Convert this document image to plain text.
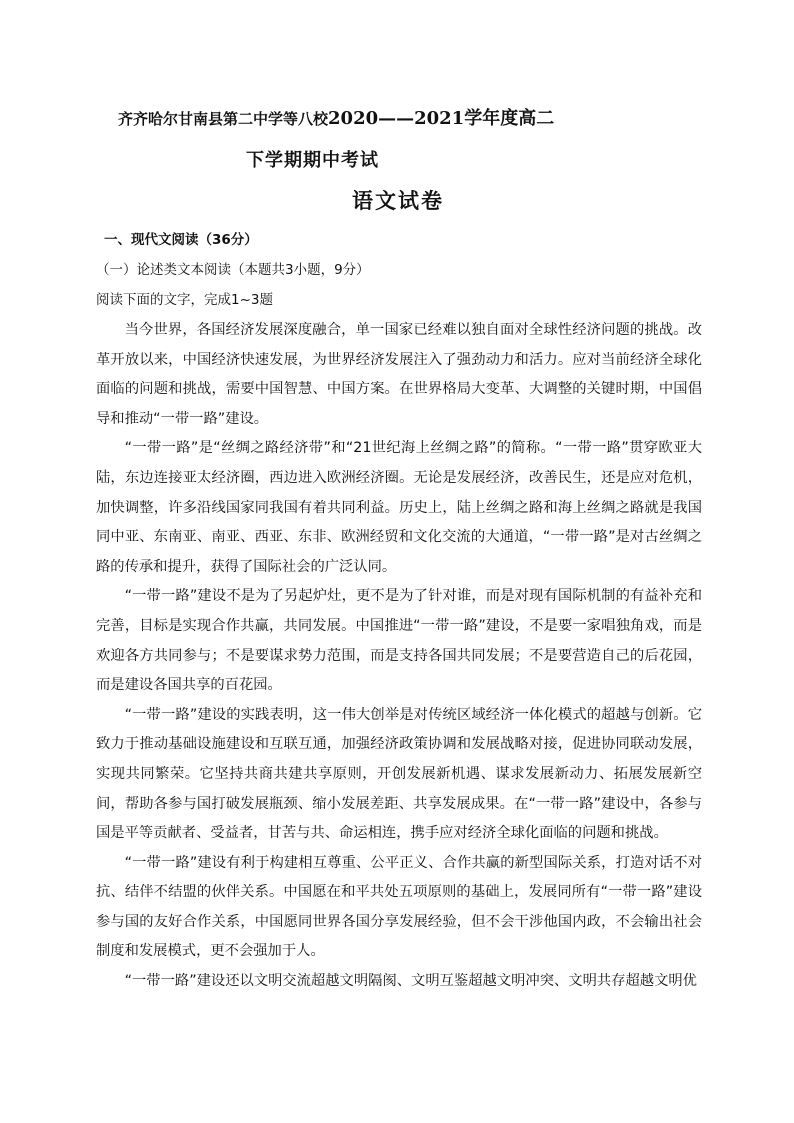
齐齐哈尔甘南县第二中学等八校2020——2021学年度高二
下学期期中考试
语文试卷
一、现代文阅读（36分）
（一）论述类文本阅读（本题共3小题，9分）
阅读下面的文字，完成1~3题

当今世界，各国经济发展深度融合，单一国家已经难以独自面对全球性经济问题的挑战。改革开放以来，中国经济快速发展，为世界经济发展注入了强劲动力和活力。应对当前经济全球化面临的问题和挑战，需要中国智慧、中国方案。在世界格局大变革、大调整的关键时期，中国倡导和推动“一带一路”建设。

“一带一路”是“丝绸之路经济带”和“21世纪海上丝绸之路”的简称。“一带一路”贯穿欧亚大陆，东边连接亚太经济圈，西边进入欧洲经济圈。无论是发展经济，改善民生，还是应对危机，加快调整，许多沿线国家同我国有着共同利益。历史上，陆上丝绸之路和海上丝绸之路就是我国同中亚、东南亚、南亚、西亚、东非、欧洲经贸和文化交流的大通道，“一带一路”是对古丝绸之路的传承和提升，获得了国际社会的广泛认同。

“一带一路”建设不是为了另起炉灶，更不是为了针对谁，而是对现有国际机制的有益补充和完善，目标是实现合作共赢，共同发展。中国推进“一带一路”建设，不是要一家唱独角戏，而是欢迎各方共同参与；不是要谋求势力范围，而是支持各国共同发展；不是要营造自己的后花园，而是建设各国共享的百花园。

“一带一路”建设的实践表明，这一伟大创举是对传统区域经济一体化模式的超越与创新。它致力于推动基础设施建设和互联互通，加强经济政策协调和发展战略对接，促进协同联动发展，实现共同繁荣。它坚持共商共建共享原则，开创发展新机遇、谋求发展新动力、拓展发展新空间，帮助各参与国打破发展瓶颈、缩小发展差距、共享发展成果。在“一带一路”建设中，各参与国是平等贡献者、受益者，甘苦与共、命运相连，携手应对经济全球化面临的问题和挑战。

“一带一路”建设有利于构建相互尊重、公平正义、合作共赢的新型国际关系，打造对话不对抗、结伴不结盟的伙伴关系。中国愿在和平共处五项原则的基础上，发展同所有“一带一路”建设参与国的友好合作关系，中国愿同世界各国分享发展经验，但不会干涉他国内政，不会输出社会制度和发展模式，更不会强加于人。

“一带一路”建设还以文明交流超越文明隔阂、文明互鉴超越文明冲突、文明共存超越文明优
